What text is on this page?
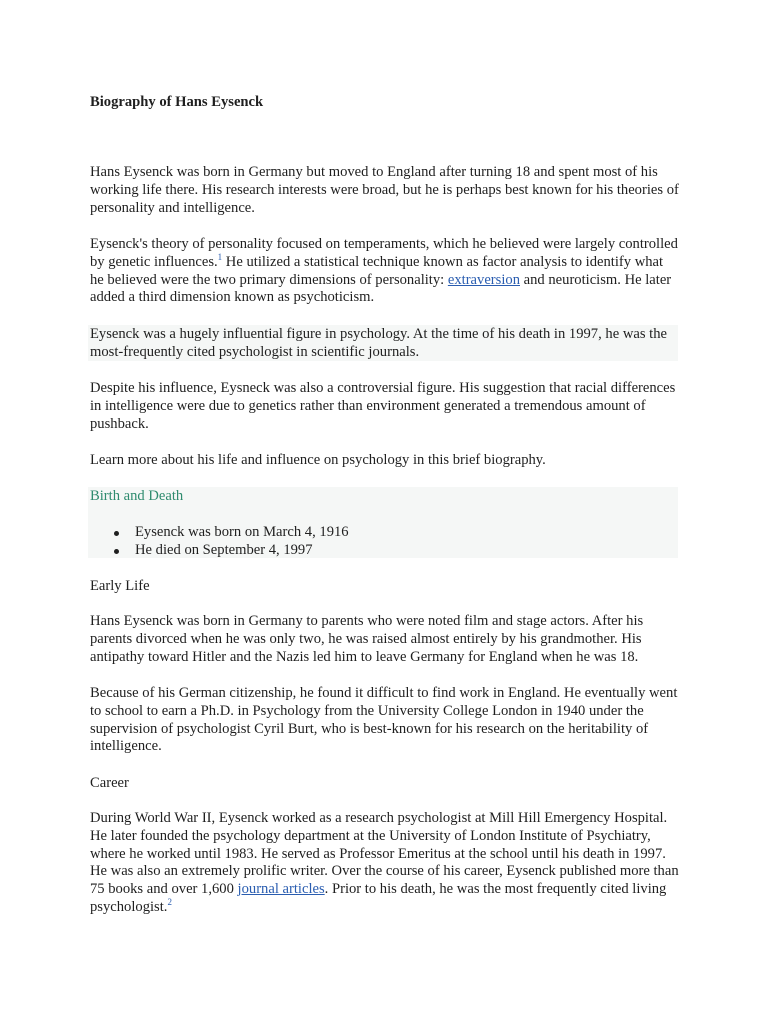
Biography of Hans Eysenck

Hans Eysenck was born in Germany but moved to England after turning 18 and spent most of his working life there. His research interests were broad, but he is perhaps best known for his theories of personality and intelligence.

Eysenck's theory of personality focused on temperaments, which he believed were largely controlled by genetic influences.$^1$ He utilized a statistical technique known as factor analysis to identify what he believed were the two primary dimensions of personality: extraversion and neuroticism. He later added a third dimension known as psychoticism.

Eysenck was a hugely influential figure in psychology. At the time of his death in 1997, he was the most-frequently cited psychologist in scientific journals.

Despite his influence, Eysneck was also a controversial figure. His suggestion that racial differences in intelligence were due to genetics rather than environment generated a tremendous amount of pushback.

Learn more about his life and influence on psychology in this brief biography.

Birth and Death
Eysenck was born on March 4, 1916
He died on September 4, 1997
Early Life

Hans Eysenck was born in Germany to parents who were noted film and stage actors. After his parents divorced when he was only two, he was raised almost entirely by his grandmother. His antipathy toward Hitler and the Nazis led him to leave Germany for England when he was 18.

Because of his German citizenship, he found it difficult to find work in England. He eventually went to school to earn a Ph.D. in Psychology from the University College London in 1940 under the supervision of psychologist Cyril Burt, who is best-known for his research on the heritability of intelligence.

Career

During World War II, Eysenck worked as a research psychologist at Mill Hill Emergency Hospital. He later founded the psychology department at the University of London Institute of Psychiatry, where he worked until 1983. He served as Professor Emeritus at the school until his death in 1997. He was also an extremely prolific writer. Over the course of his career, Eysenck published more than 75 books and over 1,600 journal articles. Prior to his death, he was the most frequently cited living psychologist.$^2$
